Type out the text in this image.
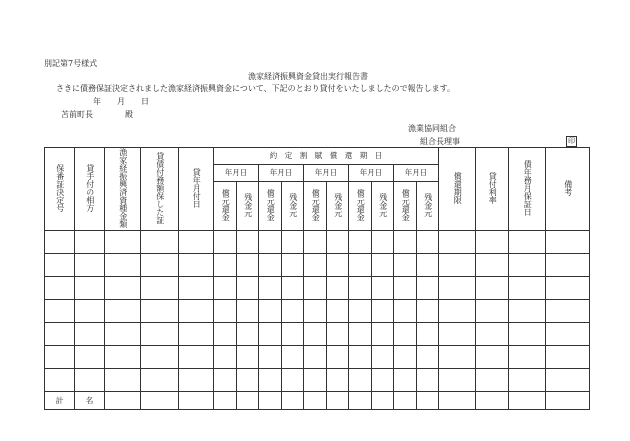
別記第7号様式
漁家経済振興資金貸出実行報告書
さきに債務保証決定されました漁家経済振興資金について、下記のとおり貸付をいたしましたので報告します。
年　　月　　日
苫前町長　　　　殿
漁業協同組合
組合長理事	印
保番証決定号	貸手付の相方	漁家経振興済資種金類	貸債付務額保した証	貸年月付日	約　定　割　賦　償　還　期　日										償還期限	貸付利率	債年務月保証日	備考
					年月日		年月日		年月日		年月日		年月日					
					償元還金	残金元	償元還金	残金元	償元還金	残金元	償元還金	残金元	償元還金	残金元				

計	名																	
